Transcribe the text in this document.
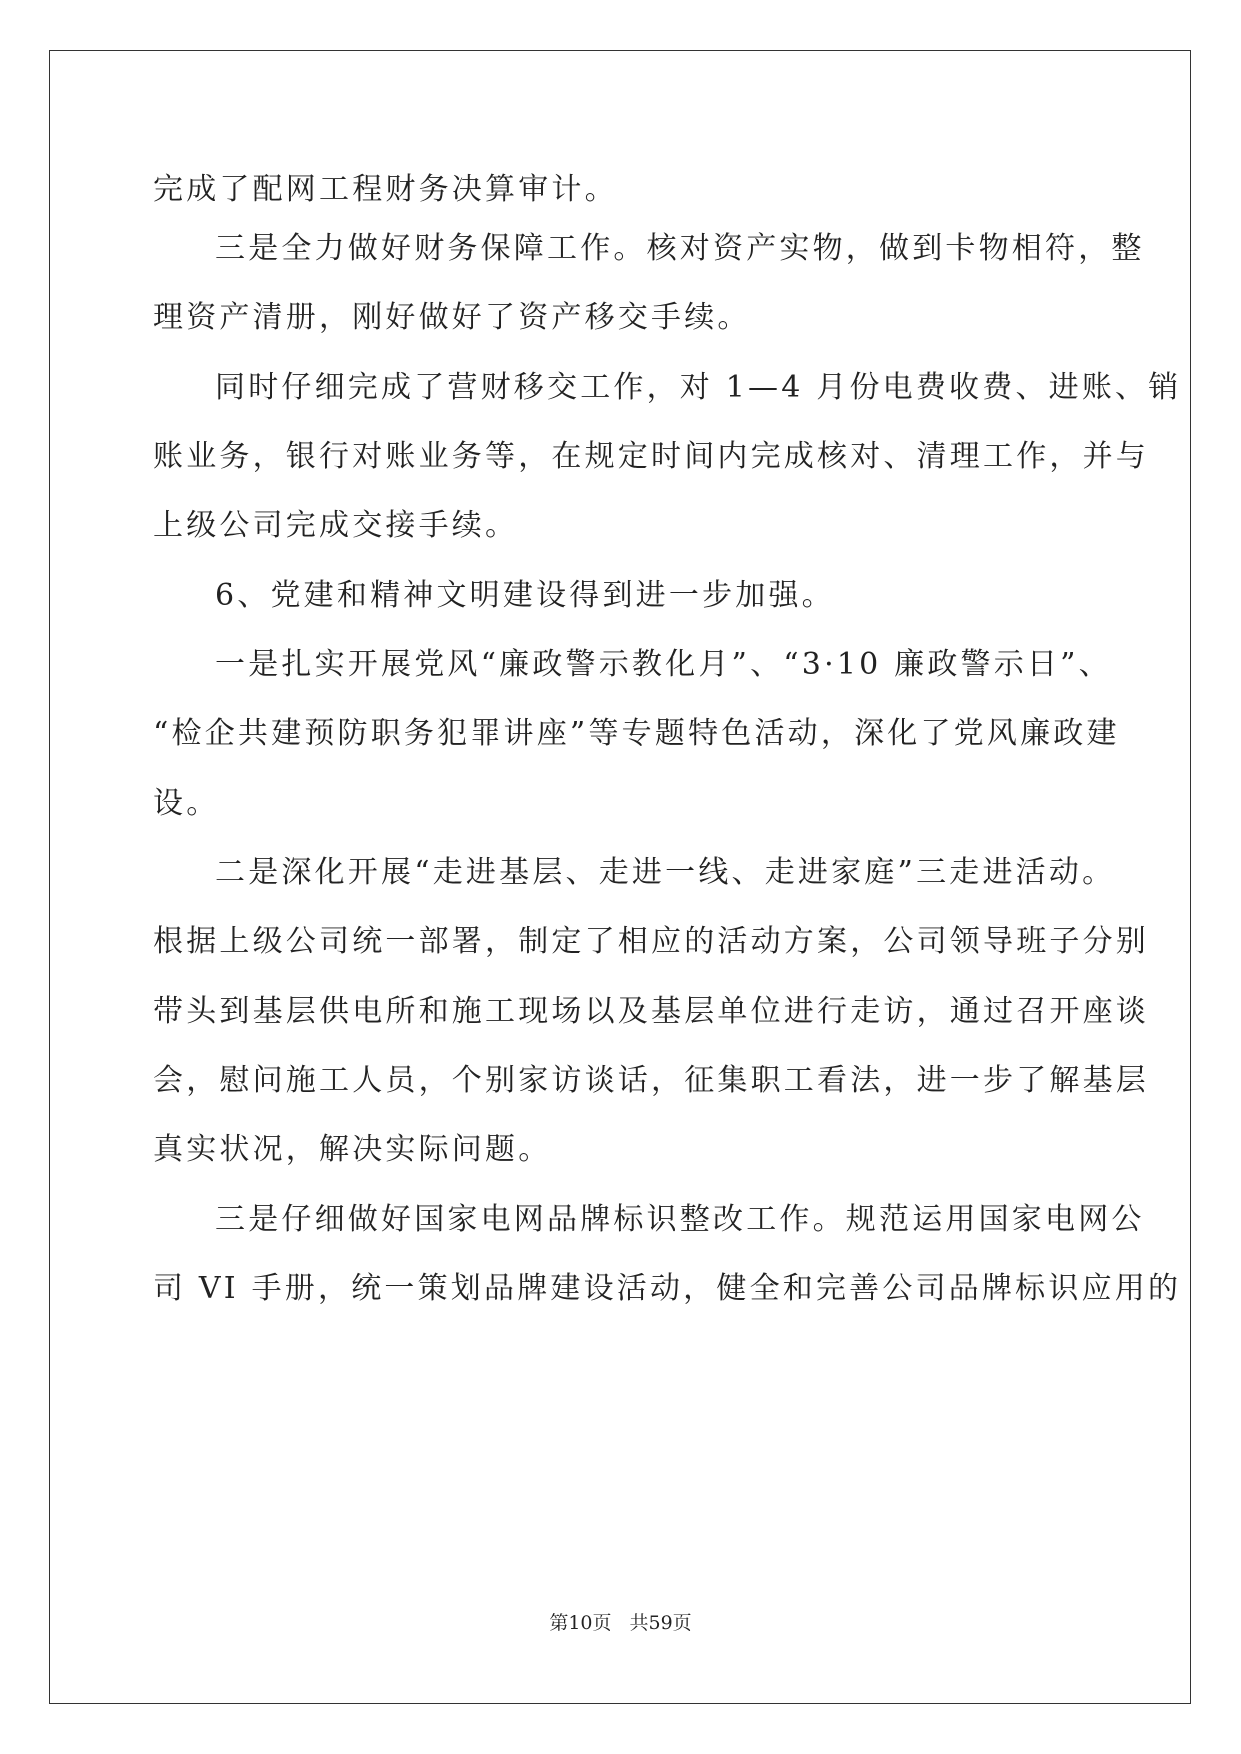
完成了配网工程财务决算审计。
三是全力做好财务保障工作。核对资产实物，做到卡物相符，整
理资产清册，刚好做好了资产移交手续。
同时仔细完成了营财移交工作，对 1—4 月份电费收费、进账、销
账业务，银行对账业务等，在规定时间内完成核对、清理工作，并与
上级公司完成交接手续。
6、党建和精神文明建设得到进一步加强。
一是扎实开展党风“廉政警示教化月”、“3·10 廉政警示日”、
“检企共建预防职务犯罪讲座”等专题特色活动，深化了党风廉政建
设。
二是深化开展“走进基层、走进一线、走进家庭”三走进活动。
根据上级公司统一部署，制定了相应的活动方案，公司领导班子分别
带头到基层供电所和施工现场以及基层单位进行走访，通过召开座谈
会，慰问施工人员，个别家访谈话，征集职工看法，进一步了解基层
真实状况，解决实际问题。
三是仔细做好国家电网品牌标识整改工作。规范运用国家电网公
司 VI 手册，统一策划品牌建设活动，健全和完善公司品牌标识应用的
第10页 共59页
